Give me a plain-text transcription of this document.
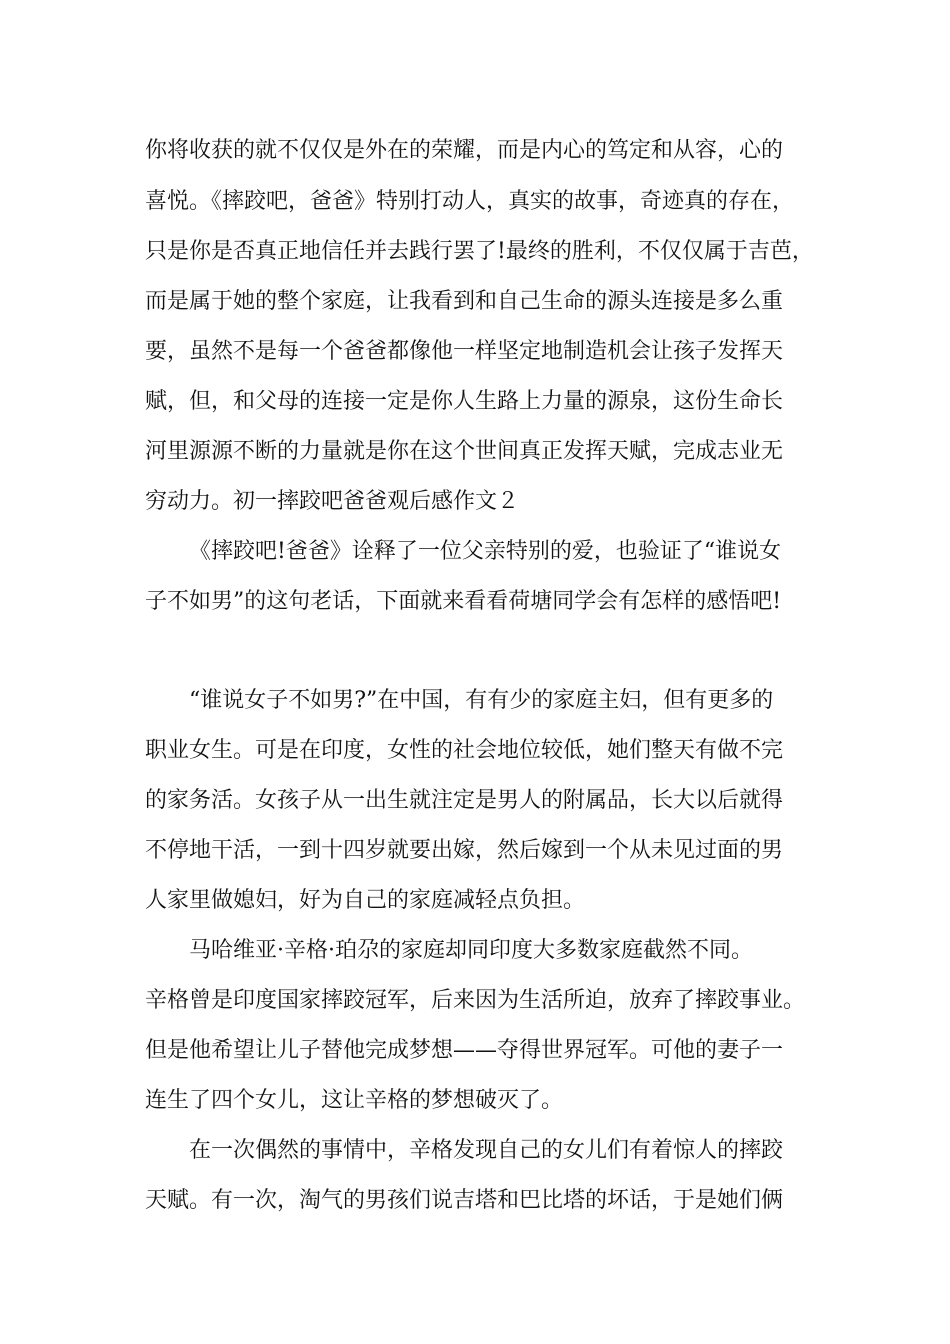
你将收获的就不仅仅是外在的荣耀，而是内心的笃定和从容，心的
喜悦。《摔跤吧，爸爸》特别打动人，真实的故事，奇迹真的存在，
只是你是否真正地信任并去践行罢了!最终的胜利，不仅仅属于吉芭，
而是属于她的整个家庭，让我看到和自己生命的源头连接是多么重
要，虽然不是每一个爸爸都像他一样坚定地制造机会让孩子发挥天
赋，但，和父母的连接一定是你人生路上力量的源泉，这份生命长
河里源源不断的力量就是你在这个世间真正发挥天赋，完成志业无
穷动力。初一摔跤吧爸爸观后感作文２
《摔跤吧!爸爸》诠释了一位父亲特别的爱，也验证了“谁说女
子不如男”的这句老话，下面就来看看荷塘同学会有怎样的感悟吧!
“谁说女子不如男?”在中国，有有少的家庭主妇，但有更多的
职业女生。可是在印度，女性的社会地位较低，她们整天有做不完
的家务活。女孩子从一出生就注定是男人的附属品，长大以后就得
不停地干活，一到十四岁就要出嫁，然后嫁到一个从未见过面的男
人家里做媳妇，好为自己的家庭减轻点负担。
马哈维亚·辛格·珀尕的家庭却同印度大多数家庭截然不同。
辛格曾是印度国家摔跤冠军，后来因为生活所迫，放弃了摔跤事业。
但是他希望让儿子替他完成梦想——夺得世界冠军。可他的妻子一
连生了四个女儿，这让辛格的梦想破灭了。
在一次偶然的事情中，辛格发现自己的女儿们有着惊人的摔跤
天赋。有一次，淘气的男孩们说吉塔和巴比塔的坏话，于是她们俩
